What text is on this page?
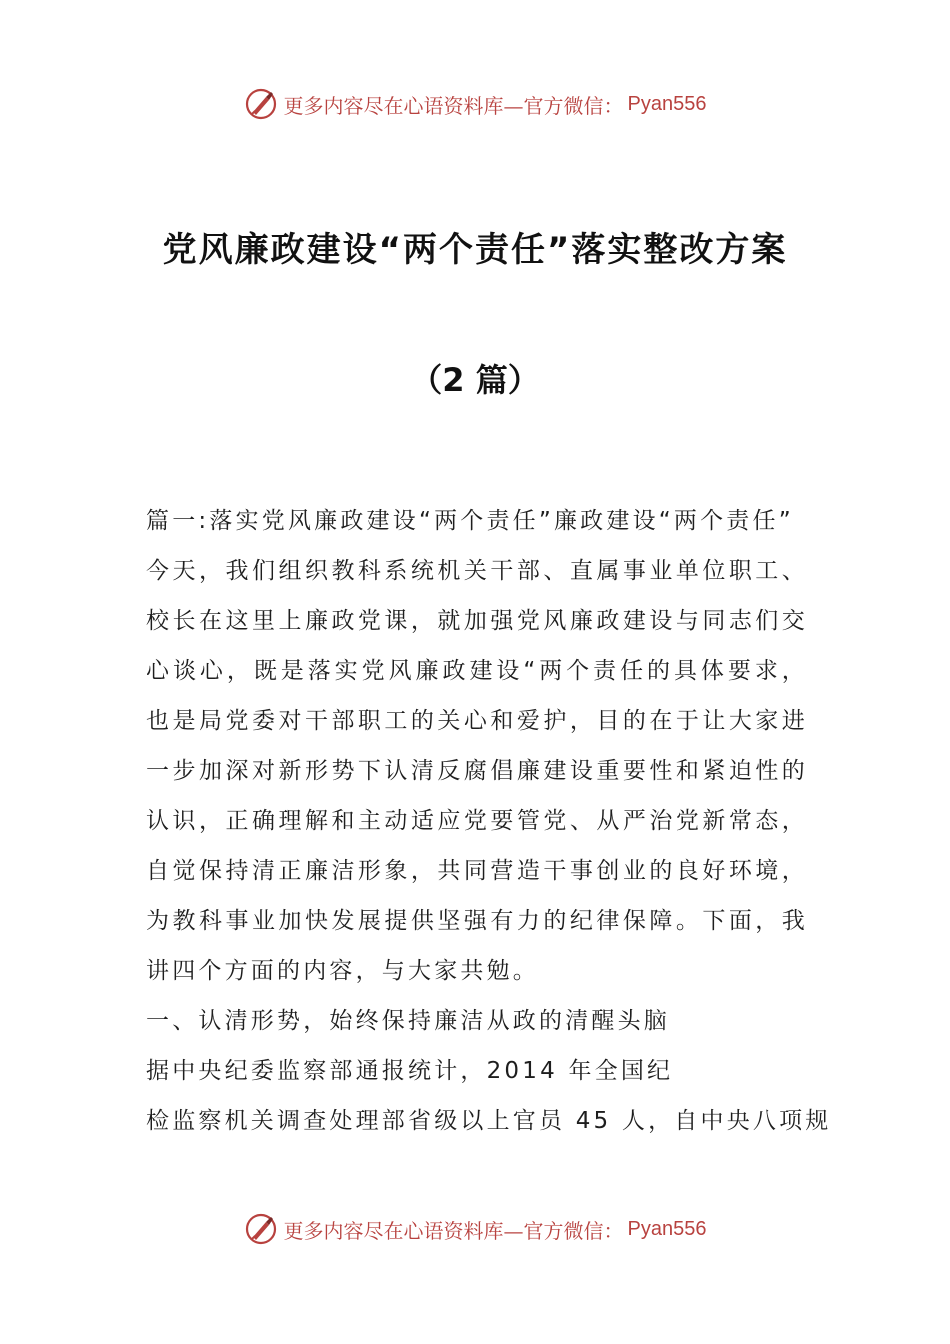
更多内容尽在心语资料库—官方微信： Pyan556
党风廉政建设“两个责任”落实整改方案
（2 篇）

篇一:落实党风廉政建设“两个责任”廉政建设“两个责任”

今天，我们组织教科系统机关干部、直属事业单位职工、校长在这里上廉政党课，就加强党风廉政建设与同志们交心谈心，既是落实党风廉政建设“两个责任的具体要求，也是局党委对干部职工的关心和爱护，目的在于让大家进一步加深对新形势下认清反腐倡廉建设重要性和紧迫性的认识，正确理解和主动适应党要管党、从严治党新常态，自觉保持清正廉洁形象，共同营造干事创业的良好环境，为教科事业加快发展提供坚强有力的纪律保障。下面，我讲四个方面的内容，与大家共勉。

一、认清形势，始终保持廉洁从政的清醒头脑

据中央纪委监察部通报统计，2014 年全国纪

检监察机关调查处理部省级以上官员 45 人，自中央八项规

更多内容尽在心语资料库—官方微信： Pyan556
